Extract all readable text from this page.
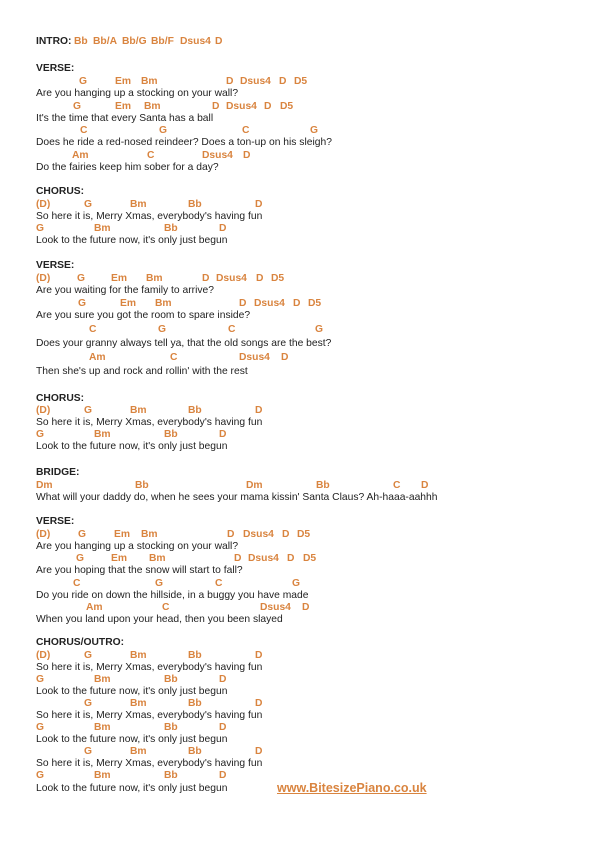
INTRO: Bb Bb/A Bb/G Bb/F Dsus4 D
VERSE:
G	Em Bm	D Dsus4 D D5
Are you hanging up a stocking on your wall?
G	Em Bm	D Dsus4 D D5
It's the time that every Santa has a ball
C	G	C	G
Does he ride a red-nosed reindeer? Does a ton-up on his sleigh?
Am	C	Dsus4 D
Do the fairies keep him sober for a day?
CHORUS:
(D)	G	Bm	Bb	D
So here it is, Merry Xmas, everybody's having fun
G	Bm	Bb	D
Look to the future now, it's only just begun
VERSE:
(D)	G	Em Bm	D Dsus4 D D5
Are you waiting for the family to arrive?
G	Em Bm	D Dsus4 D D5
Are you sure you got the room to spare inside?
C	G	C	G
Does your granny always tell ya, that the old songs are the best?
Am	C	Dsus4 D
Then she's up and rock and rollin' with the rest
CHORUS:
(D)	G	Bm	Bb	D
So here it is, Merry Xmas, everybody's having fun
G	Bm	Bb	D
Look to the future now, it's only just begun
BRIDGE:
Dm	Bb	Dm	Bb	C D
What will your daddy do, when he sees your mama kissin' Santa Claus? Ah-haaa-aahhh
VERSE:
(D)	G	Em Bm	D Dsus4 D D5
Are you hanging up a stocking on your wall?
G	Em Bm	D Dsus4 D D5
Are you hoping that the snow will start to fall?
C	G	C	G
Do you ride on down the hillside, in a buggy you have made
Am	C	Dsus4 D
When you land upon your head, then you been slayed
CHORUS/OUTRO:
(D)	G	Bm	Bb	D
So here it is, Merry Xmas, everybody's having fun
G	Bm	Bb	D
Look to the future now, it's only just begun
G	Bm	Bb	D
So here it is, Merry Xmas, everybody's having fun
G	Bm	Bb	D
Look to the future now, it's only just begun
G	Bm	Bb	D
So here it is, Merry Xmas, everybody's having fun
G	Bm	Bb	D
Look to the future now, it's only just begun	www.BitesizePiano.co.uk
